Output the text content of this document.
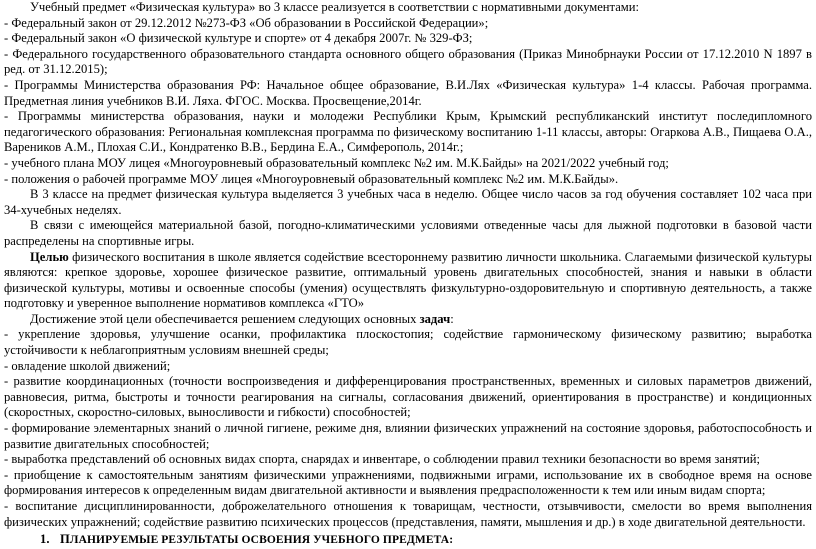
Учебный предмет «Физическая культура» во 3 классе реализуется в соответствии с нормативными документами:

- Федеральный закон от 29.12.2012 №273-ФЗ «Об образовании в Российской Федерации»;

- Федеральный закон «О физической культуре и спорте» от 4 декабря 2007г. № 329-ФЗ;

- Федерального государственного образовательного стандарта основного общего образования (Приказ Минобрнауки России от 17.12.2010 N 1897 в ред. от 31.12.2015);

- Программы Министерства образования РФ: Начальное общее образование, В.И.Лях «Физическая культура» 1-4 классы. Рабочая программа. Предметная линия учебников В.И. Ляха. ФГОС. Москва. Просвещение,2014г.

- Программы министерства образования, науки и молодежи Республики Крым, Крымский республиканский институт последипломного педагогического образования: Региональная комплексная программа по физическому воспитанию 1-11 классы, авторы: Огаркова А.В., Пищаева О.А., Вареников А.М., Плохая С.И., Кондратенко В.В., Бердина Е.А., Симферополь, 2014г.;

- учебного плана МОУ лицея «Многоуровневый образовательный комплекс №2 им. М.К.Байды» на 2021/2022 учебный год;

- положения о рабочей программе МОУ лицея «Многоуровневый образовательный комплекс №2 им. М.К.Байды».

В 3 классе на предмет физическая культура выделяется 3 учебных часа в неделю. Общее число часов за год обучения составляет 102 часа при 34-хучебных неделях.

В связи с имеющейся материальной базой, погодно-климатическими условиями отведенные часы для лыжной подготовки в базовой части распределены на спортивные игры.

Целью физического воспитания в школе является содействие всестороннему развитию личности школьника. Слагаемыми физической культуры являются: крепкое здоровье, хорошее физическое развитие, оптимальный уровень двигательных способностей, знания и навыки в области физической культуры, мотивы и освоенные способы (умения) осуществлять физкультурно-оздоровительную и спортивную деятельность, а также подготовку и уверенное выполнение нормативов комплекса «ГТО»

Достижение этой цели обеспечивается решением следующих основных задач:

- укрепление здоровья, улучшение осанки, профилактика плоскостопия; содействие гармоническому физическому развитию; выработка устойчивости к неблагоприятным условиям внешней среды;

- овладение школой движений;

- развитие координационных (точности воспроизведения и дифференцирования пространственных, временных и силовых параметров движений, равновесия, ритма, быстроты и точности реагирования на сигналы, согласования движений, ориентирования в пространстве) и кондиционных (скоростных, скоростно-силовых, выносливости и гибкости) способностей;

- формирование элементарных знаний о личной гигиене, режиме дня, влиянии физических упражнений на состояние здоровья, работоспособность и развитие двигательных способностей;

- выработка представлений об основных видах спорта, снарядах и инвентаре, о соблюдении правил техники безопасности во время занятий;

- приобщение к самостоятельным занятиям физическими упражнениями, подвижными играми, использование их в свободное время на основе формирования интересов к определенным видам двигательной активности и выявления предрасположенности к тем или иным видам спорта;

- воспитание дисциплинированности, доброжелательного отношения к товарищам, честности, отзывчивости, смелости во время выполнения физических упражнений; содействие развитию психических процессов (представления, памяти, мышления и др.) в ходе двигательной деятельности.

1. ПЛАНИРУЕМЫЕ РЕЗУЛЬТАТЫ ОСВОЕНИЯ УЧЕБНОГО ПРЕДМЕТА:
